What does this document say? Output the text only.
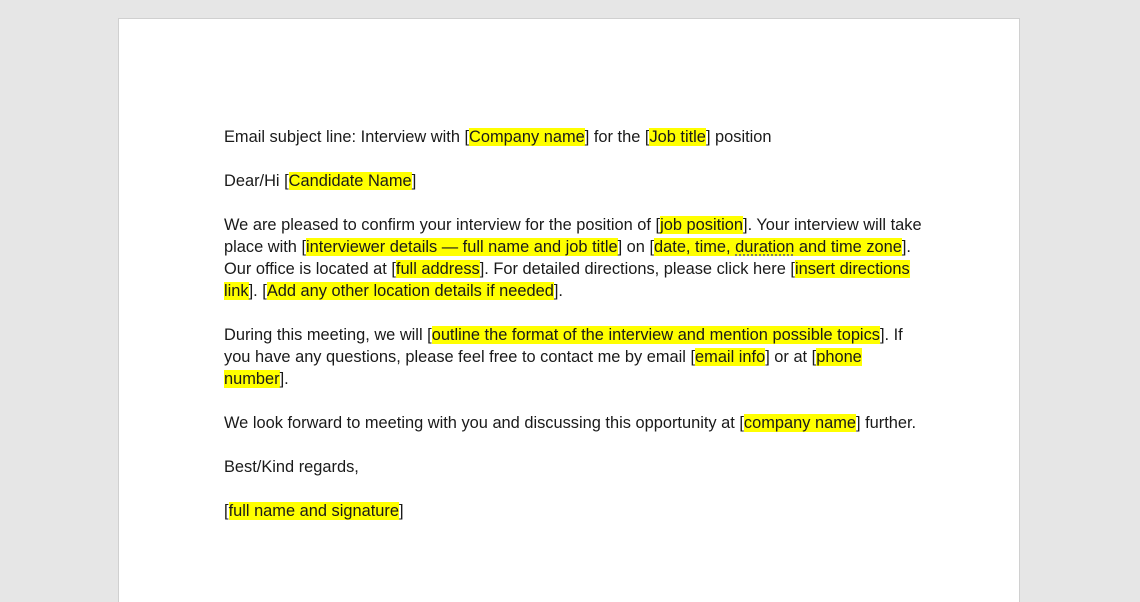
Email subject line: Interview with [Company name] for the [Job title] position

Dear/Hi [Candidate Name]

We are pleased to confirm your interview for the position of [job position]. Your interview will take place with [interviewer details — full name and job title] on [date, time, duration and time zone]. Our office is located at [full address]. For detailed directions, please click here [insert directions link]. [Add any other location details if needed].

During this meeting, we will [outline the format of the interview and mention possible topics]. If you have any questions, please feel free to contact me by email [email info] or at [phone number].

We look forward to meeting with you and discussing this opportunity at [company name] further.

Best/Kind regards,

[full name and signature]
